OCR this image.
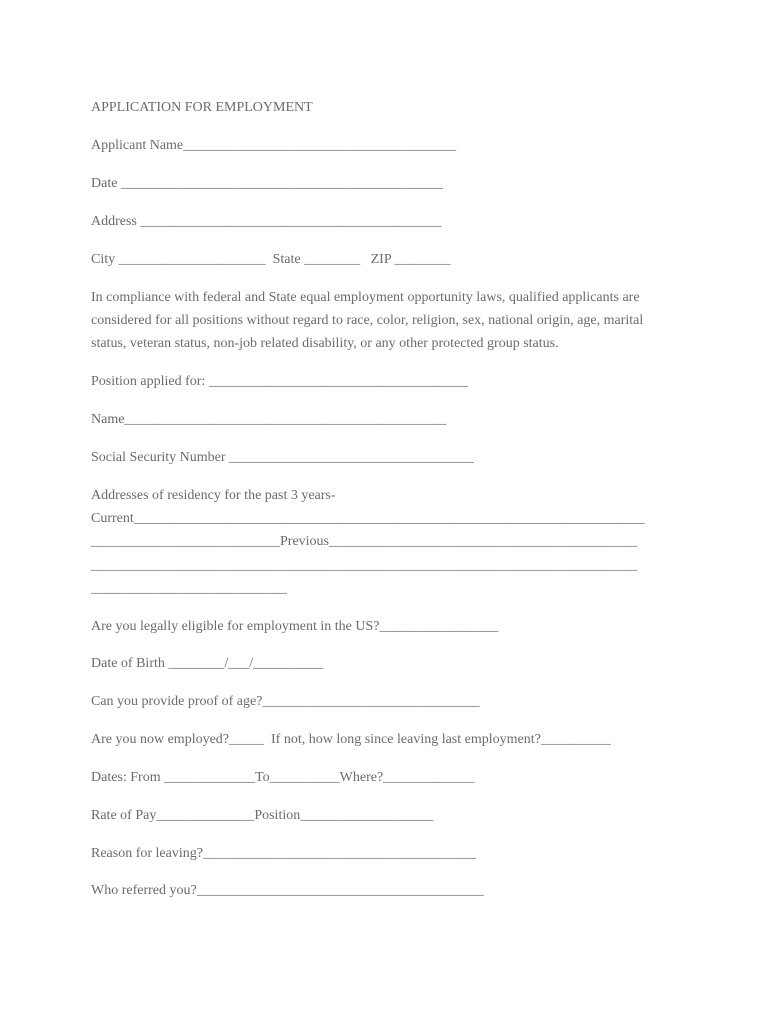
APPLICATION FOR EMPLOYMENT
Applicant Name_______________________________________
Date ______________________________________________
Address ___________________________________________
City _____________________  State ________   ZIP ________
In compliance with federal and State equal employment opportunity laws, qualified applicants are considered for all positions without regard to race, color, religion, sex, national origin, age, marital status, veteran status, non-job related disability, or any other protected group status.
Position applied for: _____________________________________
Name______________________________________________
Social Security Number ___________________________________
Addresses of residency for the past 3 years-
Current_________________________________________________________________________
___________________________Previous____________________________________________
______________________________________________________________________________
____________________________
Are you legally eligible for employment in the US?_________________
Date of Birth ________/___/__________
Can you provide proof of age?_______________________________
Are you now employed?_____  If not, how long since leaving last employment?__________
Dates: From _____________To__________Where?_____________
Rate of Pay______________Position___________________
Reason for leaving?_______________________________________
Who referred you?_________________________________________
